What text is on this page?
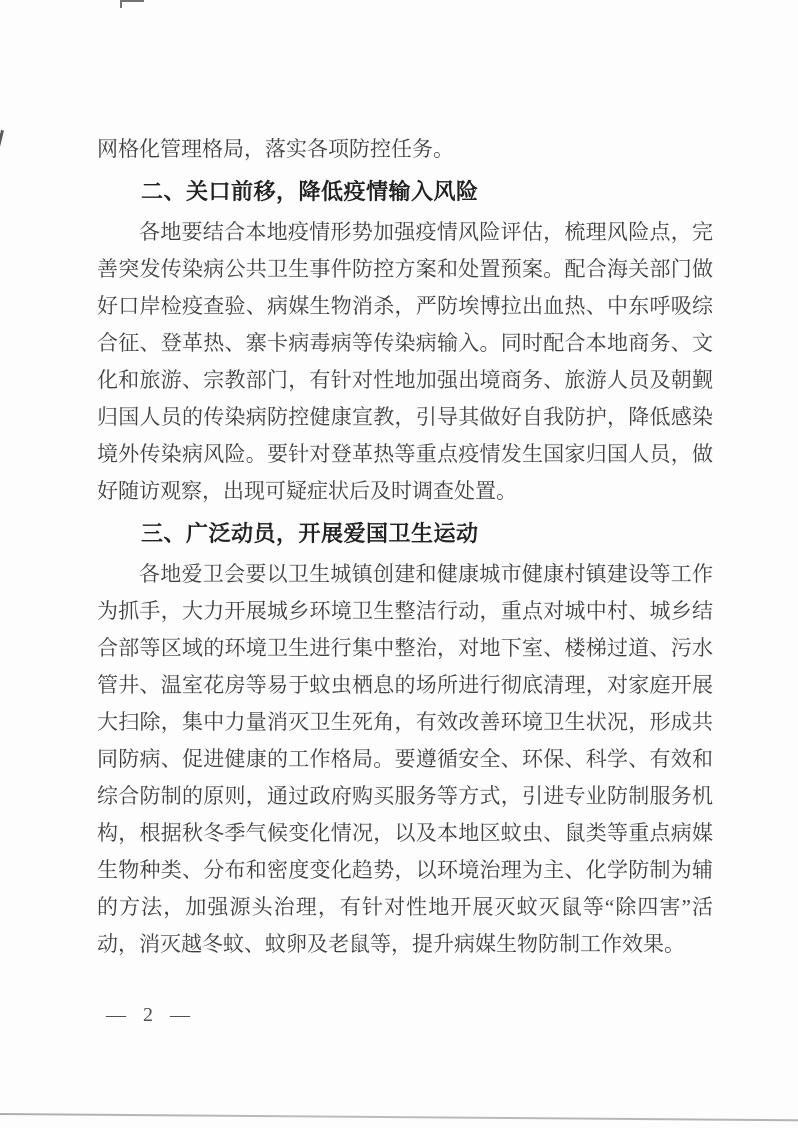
网格化管理格局，落实各项防控任务。

二、关口前移，降低疫情输入风险

各地要结合本地疫情形势加强疫情风险评估，梳理风险点，完善突发传染病公共卫生事件防控方案和处置预案。配合海关部门做好口岸检疫查验、病媒生物消杀，严防埃博拉出血热、中东呼吸综合征、登革热、寨卡病毒病等传染病输入。同时配合本地商务、文化和旅游、宗教部门，有针对性地加强出境商务、旅游人员及朝觐归国人员的传染病防控健康宣教，引导其做好自我防护，降低感染境外传染病风险。要针对登革热等重点疫情发生国家归国人员，做好随访观察，出现可疑症状后及时调查处置。

三、广泛动员，开展爱国卫生运动

各地爱卫会要以卫生城镇创建和健康城市健康村镇建设等工作为抓手，大力开展城乡环境卫生整洁行动，重点对城中村、城乡结合部等区域的环境卫生进行集中整治，对地下室、楼梯过道、污水管井、温室花房等易于蚊虫栖息的场所进行彻底清理，对家庭开展大扫除，集中力量消灭卫生死角，有效改善环境卫生状况，形成共同防病、促进健康的工作格局。要遵循安全、环保、科学、有效和综合防制的原则，通过政府购买服务等方式，引进专业防制服务机构，根据秋冬季气候变化情况，以及本地区蚊虫、鼠类等重点病媒生物种类、分布和密度变化趋势，以环境治理为主、化学防制为辅的方法，加强源头治理，有针对性地开展灭蚊灭鼠等“除四害”活动，消灭越冬蚊、蚊卵及老鼠等，提升病媒生物防制工作效果。

— 2 —
